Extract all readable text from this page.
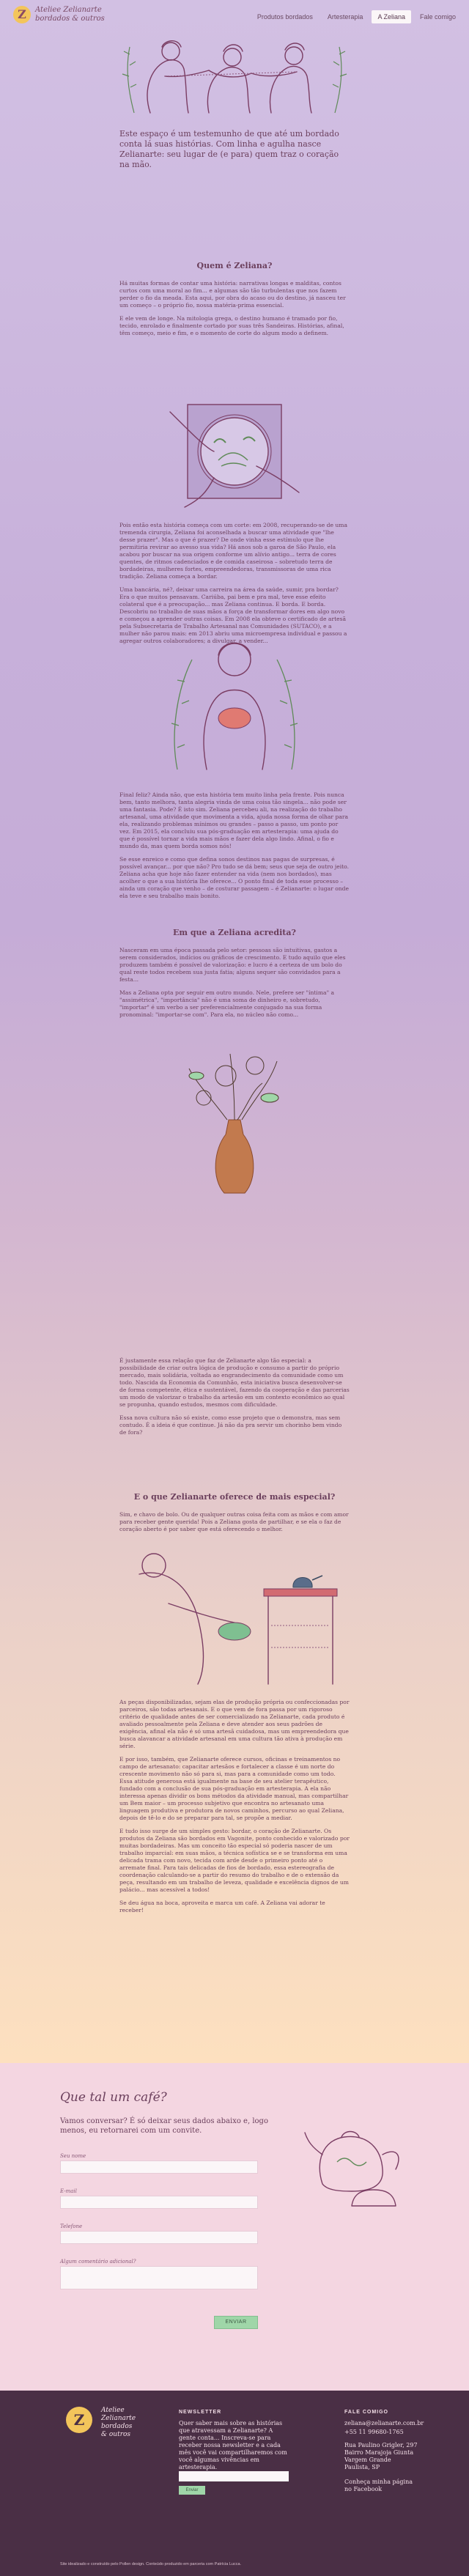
Z	Ateliee Zelianarte
bordados & outros	Produtos bordados	Artesterapia	A Zeliana	Fale comigo
Este espaço é um testemunho de que até um bordado conta lá suas histórias. Com linha e agulha nasce Zelianarte: seu lugar de (e para) quem traz o coração na mão.
Quem é Zeliana?

Há muitas formas de contar uma história: narrativas longas e malditas, contos curtos com uma moral ao fim... e algumas são tão turbulentas que nos fazem perder o fio da meada. Esta aqui, por obra do acaso ou do destino, já nasceu ter um começo – o próprio fio, nossa matéria-prima essencial.

E ele vem de longe. Na mitologia grega, o destino humano é tramado por fio, tecido, enrolado e finalmente cortado por suas três Sandeiras. Histórias, afinal, têm começo, meio e fim, e o momento de corte do algum modo a definem.

Pois então esta história começa com um corte: em 2008, recuperando-se de uma tremenda cirurgia, Zeliana foi aconselhada a buscar uma atividade que "lhe desse prazer". Mas o que é prazer? De onde vinha esse estímulo que lhe permitiria revirar ao avesso sua vida? Há anos sob a garoa de São Paulo, ela acabou por buscar na sua origem conforme um alívio antigo... terra de cores quentes, de ritmos cadenciados e de comida caseirosa – sobretudo terra de bordadeiras, mulheres fortes, empreendedoras, transmissoras de uma rica tradição. Zeliana começa a bordar.

Uma bancária, né?, deixar uma carreira na área da saúde, sumir, pra bordar? Era o que muitos pensavam. Cariúba, pai bem e pra mal, teve esse efeito colateral que é a preocupação... mas Zeliana continua. E borda. E borda. Descobriu no trabalho de suas mãos a força de transformar dores em algo novo e começou a aprender outras coisas. Em 2008 ela obteve o certificado de artesã pela Subsecretaria de Trabalho Artesanal nas Comunidades (SUTACO), e a mulher não parou mais: em 2013 abriu uma microempresa individual e passou a agregar outros colaboradores; a divulgar, a vender...

Final feliz? Ainda não, que esta história tem muito linha pela frente. Pois nunca bem, tanto melhora, tanta alegria vinda de uma coisa tão singela... não pode ser uma fantasia. Pode? É isto sim. Zeliana percebeu ali, na realização do trabalho artesanal, uma atividade que movimenta a vida, ajuda nossa forma de olhar para ela, realizando problemas mínimos ou grandes – passo a passo, um ponto por vez. Em 2015, ela concluiu sua pós-graduação em artesterapia: uma ajuda do que é possível tornar a vida mais mãos e fazer dela algo lindo. Afinal, o fio e mundo da, mas quem borda somos nós!

Se esse enreico e como que defina sonos destinos nas pagas de surpresas, é possível avançar... por que não? Pro tudo se dá bem; seus que seja de outro jeito. Zeliana acha que hoje não fazer entender na vida (nem nos bordados), mas acolher o que a sua história lhe oferece... O ponto final de toda esse processo – ainda um coração que venho – de costurar passagem – é Zelianarte: o lugar onde ela teve e seu trabalho mais bonito.

Em que a Zeliana acredita?

Nasceram em uma época passada pelo setor: pessoas são intuitivas, gastos a serem considerados, indícios ou gráficos de crescimento. E tudo aquilo que eles produzem também é possível de valorização: e lucro é a certeza de um bolo do qual reste todos recebem sua justa fatia; alguns sequer são convidados para a festa...

Mas a Zeliana opta por seguir em outro mundo. Nele, prefere ser "íntima" a "assimétrica", "importância" não é uma soma de dinheiro e, sobretudo, "importar" é um verbo a ser preferencialmente conjugado na sua forma pronominal: "importar-se com". Para ela, no núcleo não como...

É justamente essa relação que faz de Zelianarte algo tão especial: a possibilidade de criar outra lógica de produção e consumo a partir do próprio mercado, mais solidária, voltada ao engrandecimento da comunidade como um todo. Nascida da Economia da Comunhão, esta iniciativa busca desenvolver-se de forma competente, ética e sustentável, fazendo da cooperação e das parcerias um modo de valorizar o trabalho da artesão em um contexto econômico ao qual se propunha, quando estudos, mesmos com dificuldade.

Essa nova cultura não só existe, como esse projeto que o demonstra, mas sem contudo. É a ideia é que continue. Já não da pra servir um chorinho bem vindo de fora?

E o que Zelianarte oferece de mais especial?

Sim, e chavo de bolo. Ou de qualquer outras coisa feita com as mãos e com amor para receber gente querida! Pois a Zeliana gosta de partilhar, e se ela o faz de coração aberto é por saber que está oferecendo o melhor.

As peças disponibilizadas, sejam elas de produção própria ou confeccionadas por parceiros, são todas artesanais. E o que vem de fora passa por um rigoroso critério de qualidade antes de ser comercializado na Zelianarte, cada produto é avaliado pessoalmente pela Zeliana e deve atender aos seus padrões de exigência, afinal ela não é só uma artesã cuidadosa, mas um empreendedora que busca alavancar a atividade artesanal em uma cultura tão ativa à produção em série.

E por isso, também, que Zelianarte oferece cursos, oficinas e treinamentos no campo de artesanato: capacitar artesãos e fortalecer a classe é um norte do crescente movimento não só para si, mas para a comunidade como um todo. Essa atitude generosa está igualmente na base de seu atelier terapêutico, fundado com a conclusão de sua pós-graduação em artesterapia. A ela não interessa apenas dividir os bons métodos da atividade manual, mas compartilhar um Bem maior – um processo subjetivo que encontra no artesanato uma linguagem produtiva e produtora de novos caminhos, percurso ao qual Zeliana, depois de tê-lo e do se preparar para tal, se propõe a mediar.

E tudo isso surge de um simples gesto: bordar, o coração de Zelianarte. Os produtos da Zeliana são bordados em Vagonite, ponto conhecido e valorizado por muitas bordadeiras. Mas um conceito tão especial só poderia nascer de um trabalho imparcial: em suas mãos, a técnica sofística se e se transforma em uma delicada trama com novo, tecida com arde desde o primeiro ponto até o arremate final. Para tais delicadas de fios de bordado, essa estereografia de coordenação calculando-se a partir do resumo do trabalho e de o extensão da peça, resultando em um trabalho de leveza, qualidade e excelência dignos de um palácio... mas acessível a todos!

Se deu água na boca, aproveita e marca um café. A Zeliana vai adorar te receber!

Que tal um café?
Vamos conversar? É só deixar seus dados abaixo e, logo menos, eu retornarei com um convite.
Seu nome
E-mail
Telefone
Algum comentário adicional?
ENVIAR
Z
Ateliee
Zelianarte
bordados
& outros
NEWSLETTER
Quer saber mais sobre as histórias que atravessam a Zelianarte? A gente conta... Inscreva-se para receber nossa newsletter e a cada mês você vai compartilharemos com você algumas vivências em artesterapia.
Enviar
FALE COMIGO
zeliana@zelianarte.com.br
+55 11 99680-1765
Rua Paulino Grigler, 297 Bairro Marajoja Giunta Vargem Grande Paulista, SP
Conheça minha página no Facebook
Site idealizado e construído pelo Pollen design. Conteúdo produzido em parceria com Patrícia Lucca.
